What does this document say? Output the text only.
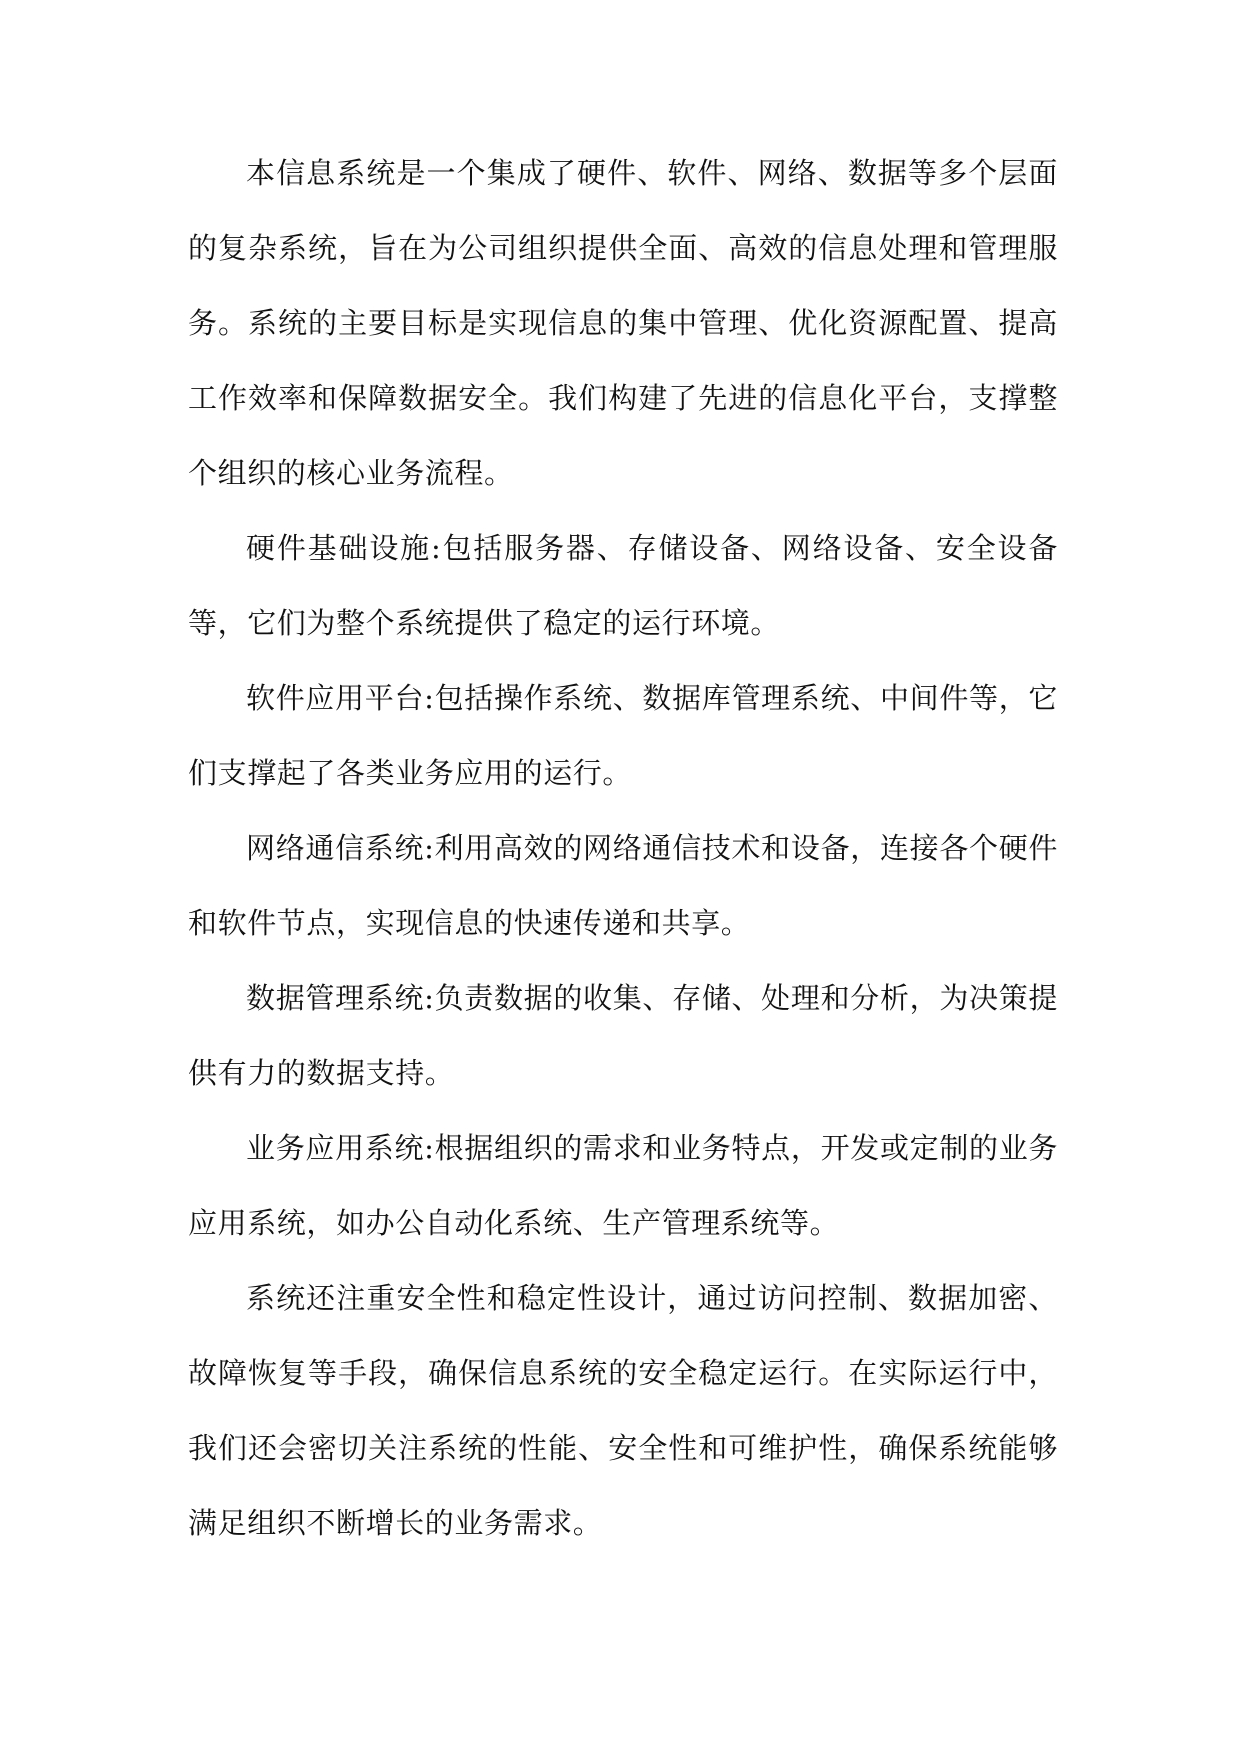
本信息系统是一个集成了硬件、软件、网络、数据等多个层面的复杂系统，旨在为公司组织提供全面、高效的信息处理和管理服务。系统的主要目标是实现信息的集中管理、优化资源配置、提高工作效率和保障数据安全。我们构建了先进的信息化平台，支撑整个组织的核心业务流程。

硬件基础设施:包括服务器、存储设备、网络设备、安全设备等，它们为整个系统提供了稳定的运行环境。

软件应用平台:包括操作系统、数据库管理系统、中间件等，它们支撑起了各类业务应用的运行。

网络通信系统:利用高效的网络通信技术和设备，连接各个硬件和软件节点，实现信息的快速传递和共享。

数据管理系统:负责数据的收集、存储、处理和分析，为决策提供有力的数据支持。

业务应用系统:根据组织的需求和业务特点，开发或定制的业务应用系统，如办公自动化系统、生产管理系统等。

系统还注重安全性和稳定性设计，通过访问控制、数据加密、故障恢复等手段，确保信息系统的安全稳定运行。在实际运行中，我们还会密切关注系统的性能、安全性和可维护性，确保系统能够满足组织不断增长的业务需求。
